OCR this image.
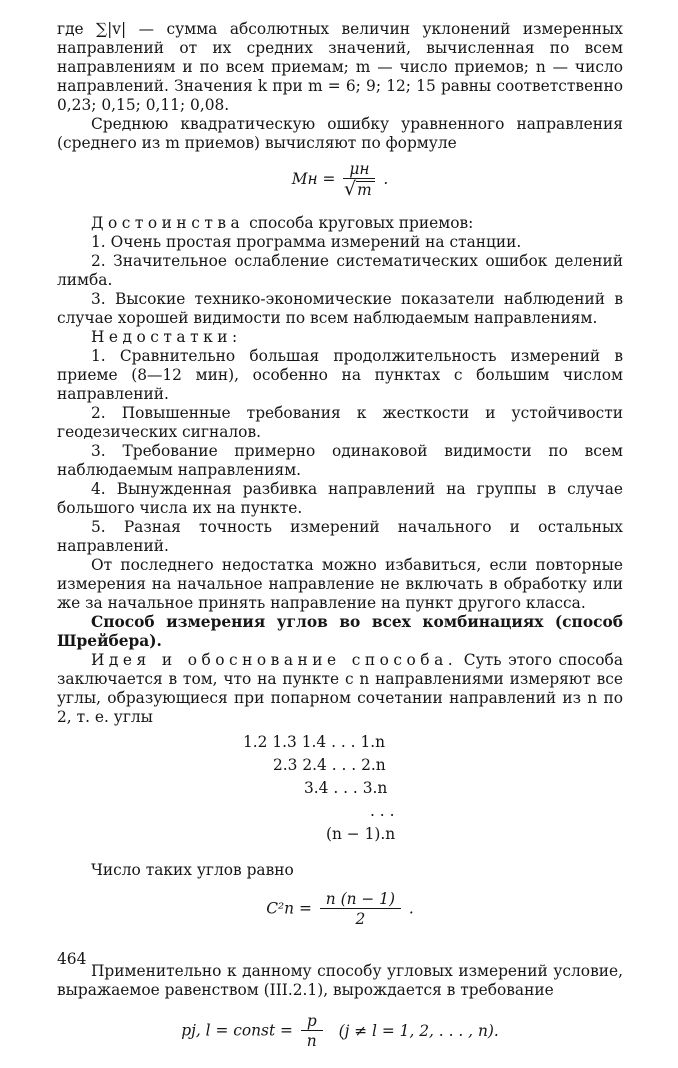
где ∑|v| — сумма абсолютных величин уклонений измеренных направлений от их средних значений, вычисленная по всем направлениям и по всем приемам; m — число приемов; n — число направлений. Значения k при m = 6; 9; 12; 15 равны соответственно 0,23; 0,15; 0,11; 0,08.

Среднюю квадратическую ошибку уравненного направления (среднего из m приемов) вычисляют по формуле

Mн = $\frac{\mu н}{√m}$ .

Достоинства способа круговых приемов:

1. Очень простая программа измерений на станции.

2. Значительное ослабление систематических ошибок делений лимба.

3. Высокие технико-экономические показатели наблюдений в случае хорошей видимости по всем наблюдаемым направлениям.

Недостатки:

1. Сравнительно большая продолжительность измерений в приеме (8—12 мин), особенно на пунктах с большим числом направлений.

2. Повышенные требования к жесткости и устойчивости геодезических сигналов.

3. Требование примерно одинаковой видимости по всем наблюдаемым направлениям.

4. Вынужденная разбивка направлений на группы в случае большого числа их на пункте.

5. Разная точность измерений начального и остальных направлений.

От последнего недостатка можно избавиться, если повторные измерения на начальное направление не включать в обработку или же за начальное принять направление на пункт другого класса.

Способ измерения углов во всех комбинациях (способ Шрейбера).

Идея и обоснование способа. Суть этого способа заключается в том, что на пункте с n направлениями измеряют все углы, образующиеся при попарном сочетании направлений из n по 2, т. е. углы

1.2 1.3 1.4 . . . 1.n
2.3 2.4 . . . 2.n
3.4 . . . 3.n
. . .
(n − 1).n

Число таких углов равно

$C^2n = \frac{n (n - 1)}{2}$ .

Применительно к данному способу угловых измерений условие, выражаемое равенством (III.2.1), вырождается в требование

pj, l = const = $\frac{p}{n} (j \ne l = 1$, 2, . . . , n).
464
